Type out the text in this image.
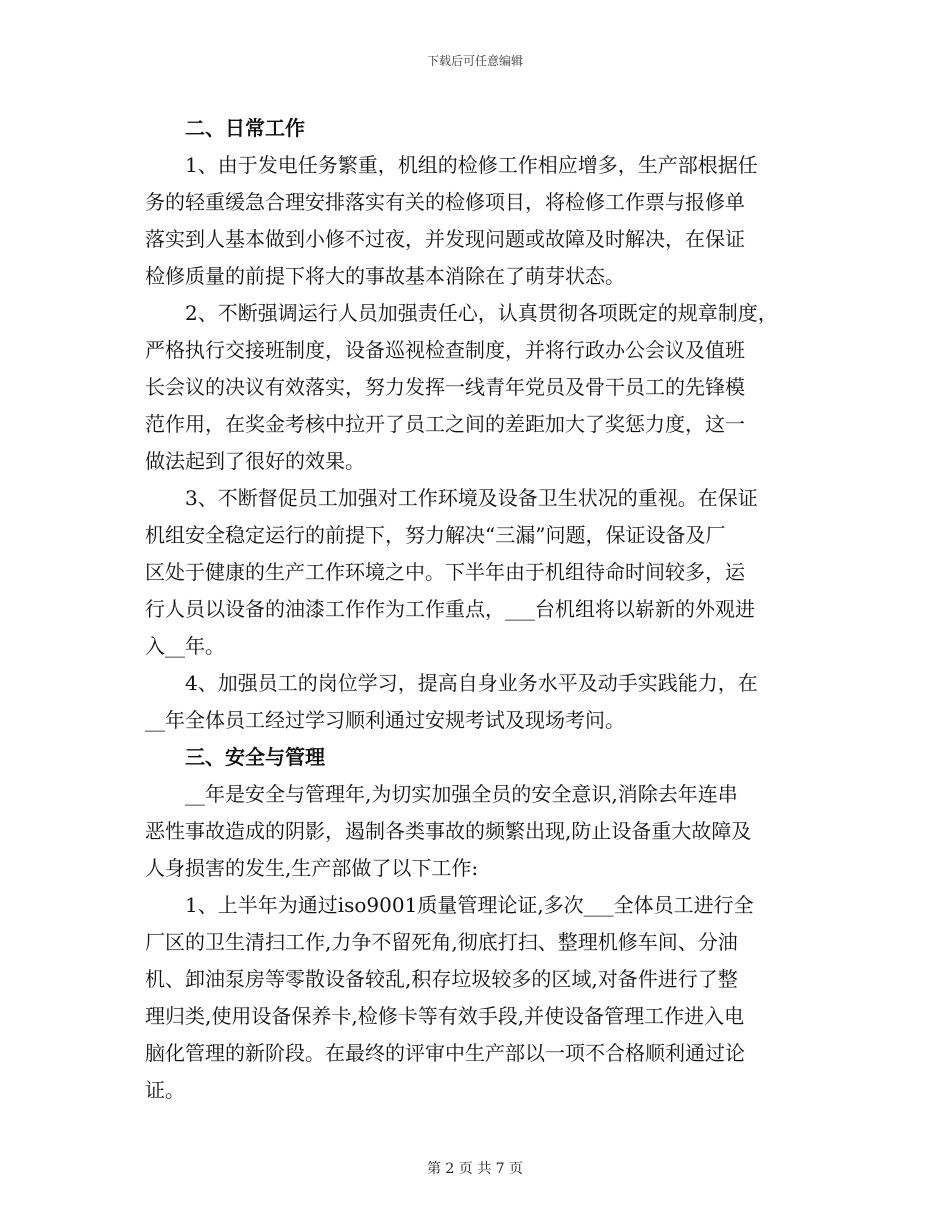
下载后可任意编辑
二、日常工作
1、由于发电任务繁重，机组的检修工作相应增多，生产部根据任
务的轻重缓急合理安排落实有关的检修项目，将检修工作票与报修单
落实到人基本做到小修不过夜，并发现问题或故障及时解决，在保证
检修质量的前提下将大的事故基本消除在了萌芽状态。
2、不断强调运行人员加强责任心，认真贯彻各项既定的规章制度，
严格执行交接班制度，设备巡视检查制度，并将行政办公会议及值班
长会议的决议有效落实，努力发挥一线青年党员及骨干员工的先锋模
范作用，在奖金考核中拉开了员工之间的差距加大了奖惩力度，这一
做法起到了很好的效果。
3、不断督促员工加强对工作环境及设备卫生状况的重视。在保证
机组安全稳定运行的前提下，努力解决“三漏”问题，保证设备及厂
区处于健康的生产工作环境之中。下半年由于机组待命时间较多，运
行人员以设备的油漆工作作为工作重点，___台机组将以崭新的外观进
入__年。
4、加强员工的岗位学习，提高自身业务水平及动手实践能力，在
__年全体员工经过学习顺利通过安规考试及现场考问。
三、安全与管理
__年是安全与管理年,为切实加强全员的安全意识,消除去年连串
恶性事故造成的阴影，遏制各类事故的频繁出现,防止设备重大故障及
人身损害的发生,生产部做了以下工作:
1、上半年为通过iso9001质量管理论证,多次___全体员工进行全
厂区的卫生清扫工作,力争不留死角,彻底打扫、整理机修车间、分油
机、卸油泵房等零散设备较乱,积存垃圾较多的区域,对备件进行了整
理归类,使用设备保养卡,检修卡等有效手段,并使设备管理工作进入电
脑化管理的新阶段。在最终的评审中生产部以一项不合格顺利通过论
证。
第 2 页 共 7 页
